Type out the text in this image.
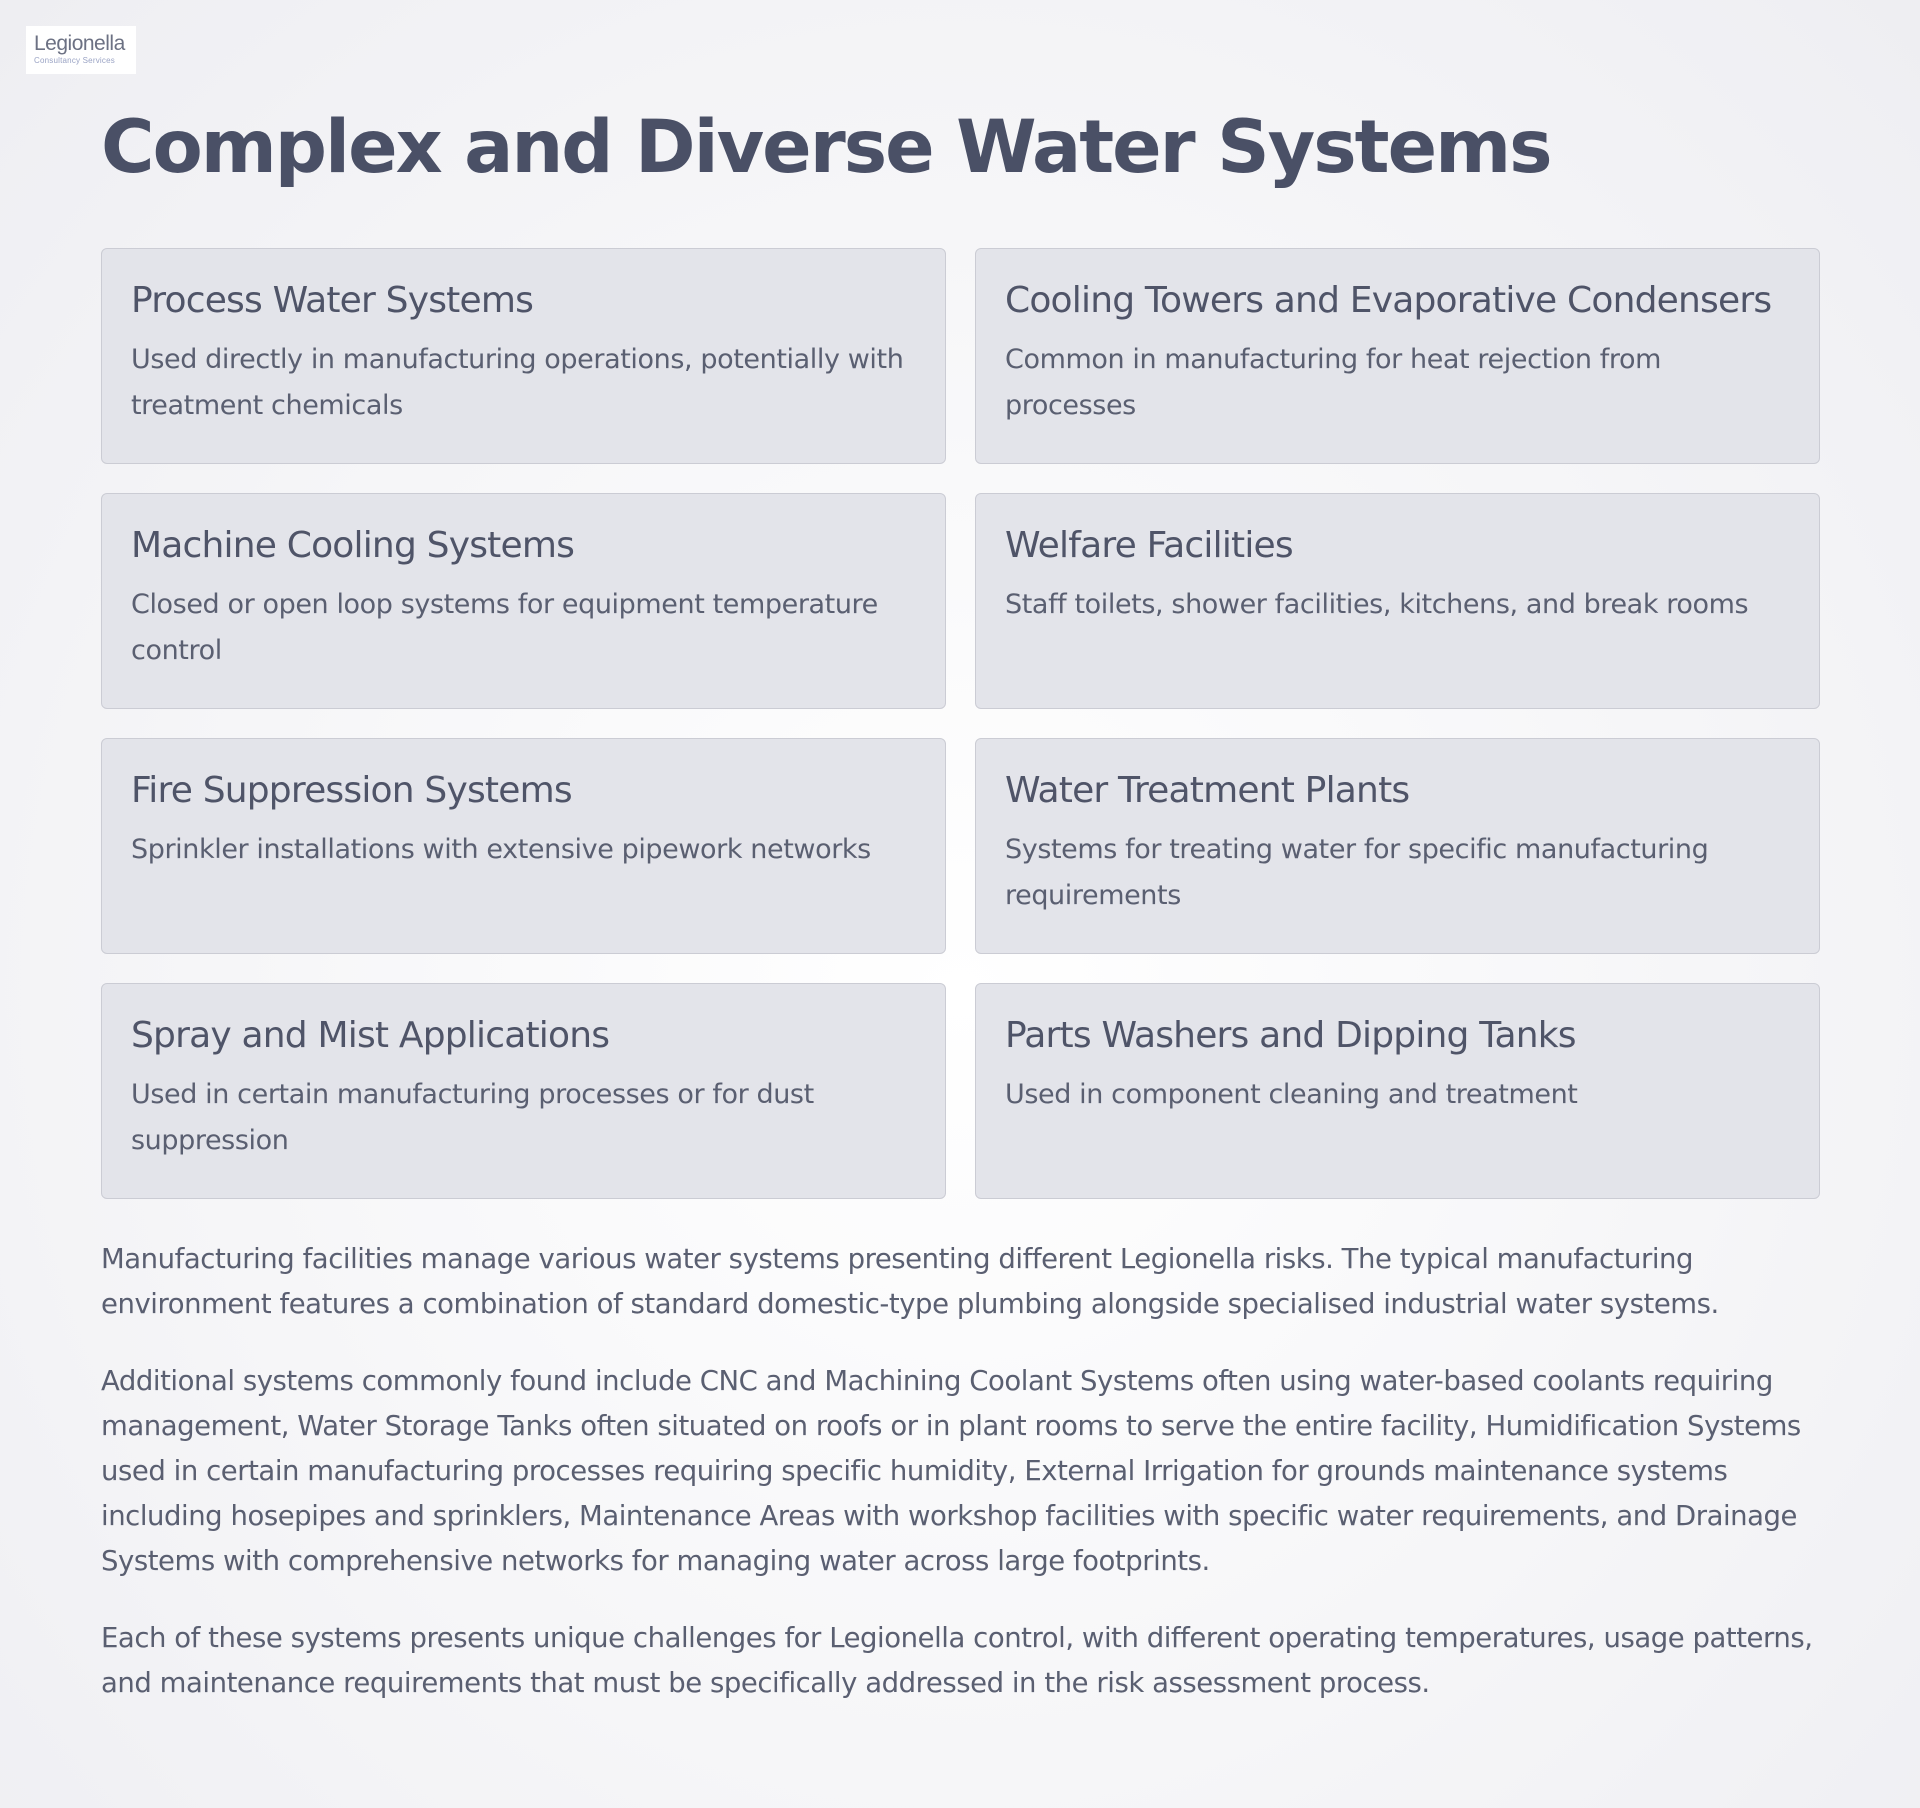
Legionella
Consultancy Services
Complex and Diverse Water Systems
Process Water Systems

Used directly in manufacturing operations, potentially with treatment chemicals

Cooling Towers and Evaporative Condensers

Common in manufacturing for heat rejection from processes

Machine Cooling Systems

Closed or open loop systems for equipment temperature control

Welfare Facilities

Staff toilets, shower facilities, kitchens, and break rooms

Fire Suppression Systems

Sprinkler installations with extensive pipework networks

Water Treatment Plants

Systems for treating water for specific manufacturing requirements

Spray and Mist Applications

Used in certain manufacturing processes or for dust suppression

Parts Washers and Dipping Tanks

Used in component cleaning and treatment

Manufacturing facilities manage various water systems presenting different Legionella risks. The typical manufacturing environment features a combination of standard domestic-type plumbing alongside specialised industrial water systems.

Additional systems commonly found include CNC and Machining Coolant Systems often using water-based coolants requiring management, Water Storage Tanks often situated on roofs or in plant rooms to serve the entire facility, Humidification Systems used in certain manufacturing processes requiring specific humidity, External Irrigation for grounds maintenance systems including hosepipes and sprinklers, Maintenance Areas with workshop facilities with specific water requirements, and Drainage Systems with comprehensive networks for managing water across large footprints.

Each of these systems presents unique challenges for Legionella control, with different operating temperatures, usage patterns, and maintenance requirements that must be specifically addressed in the risk assessment process.
